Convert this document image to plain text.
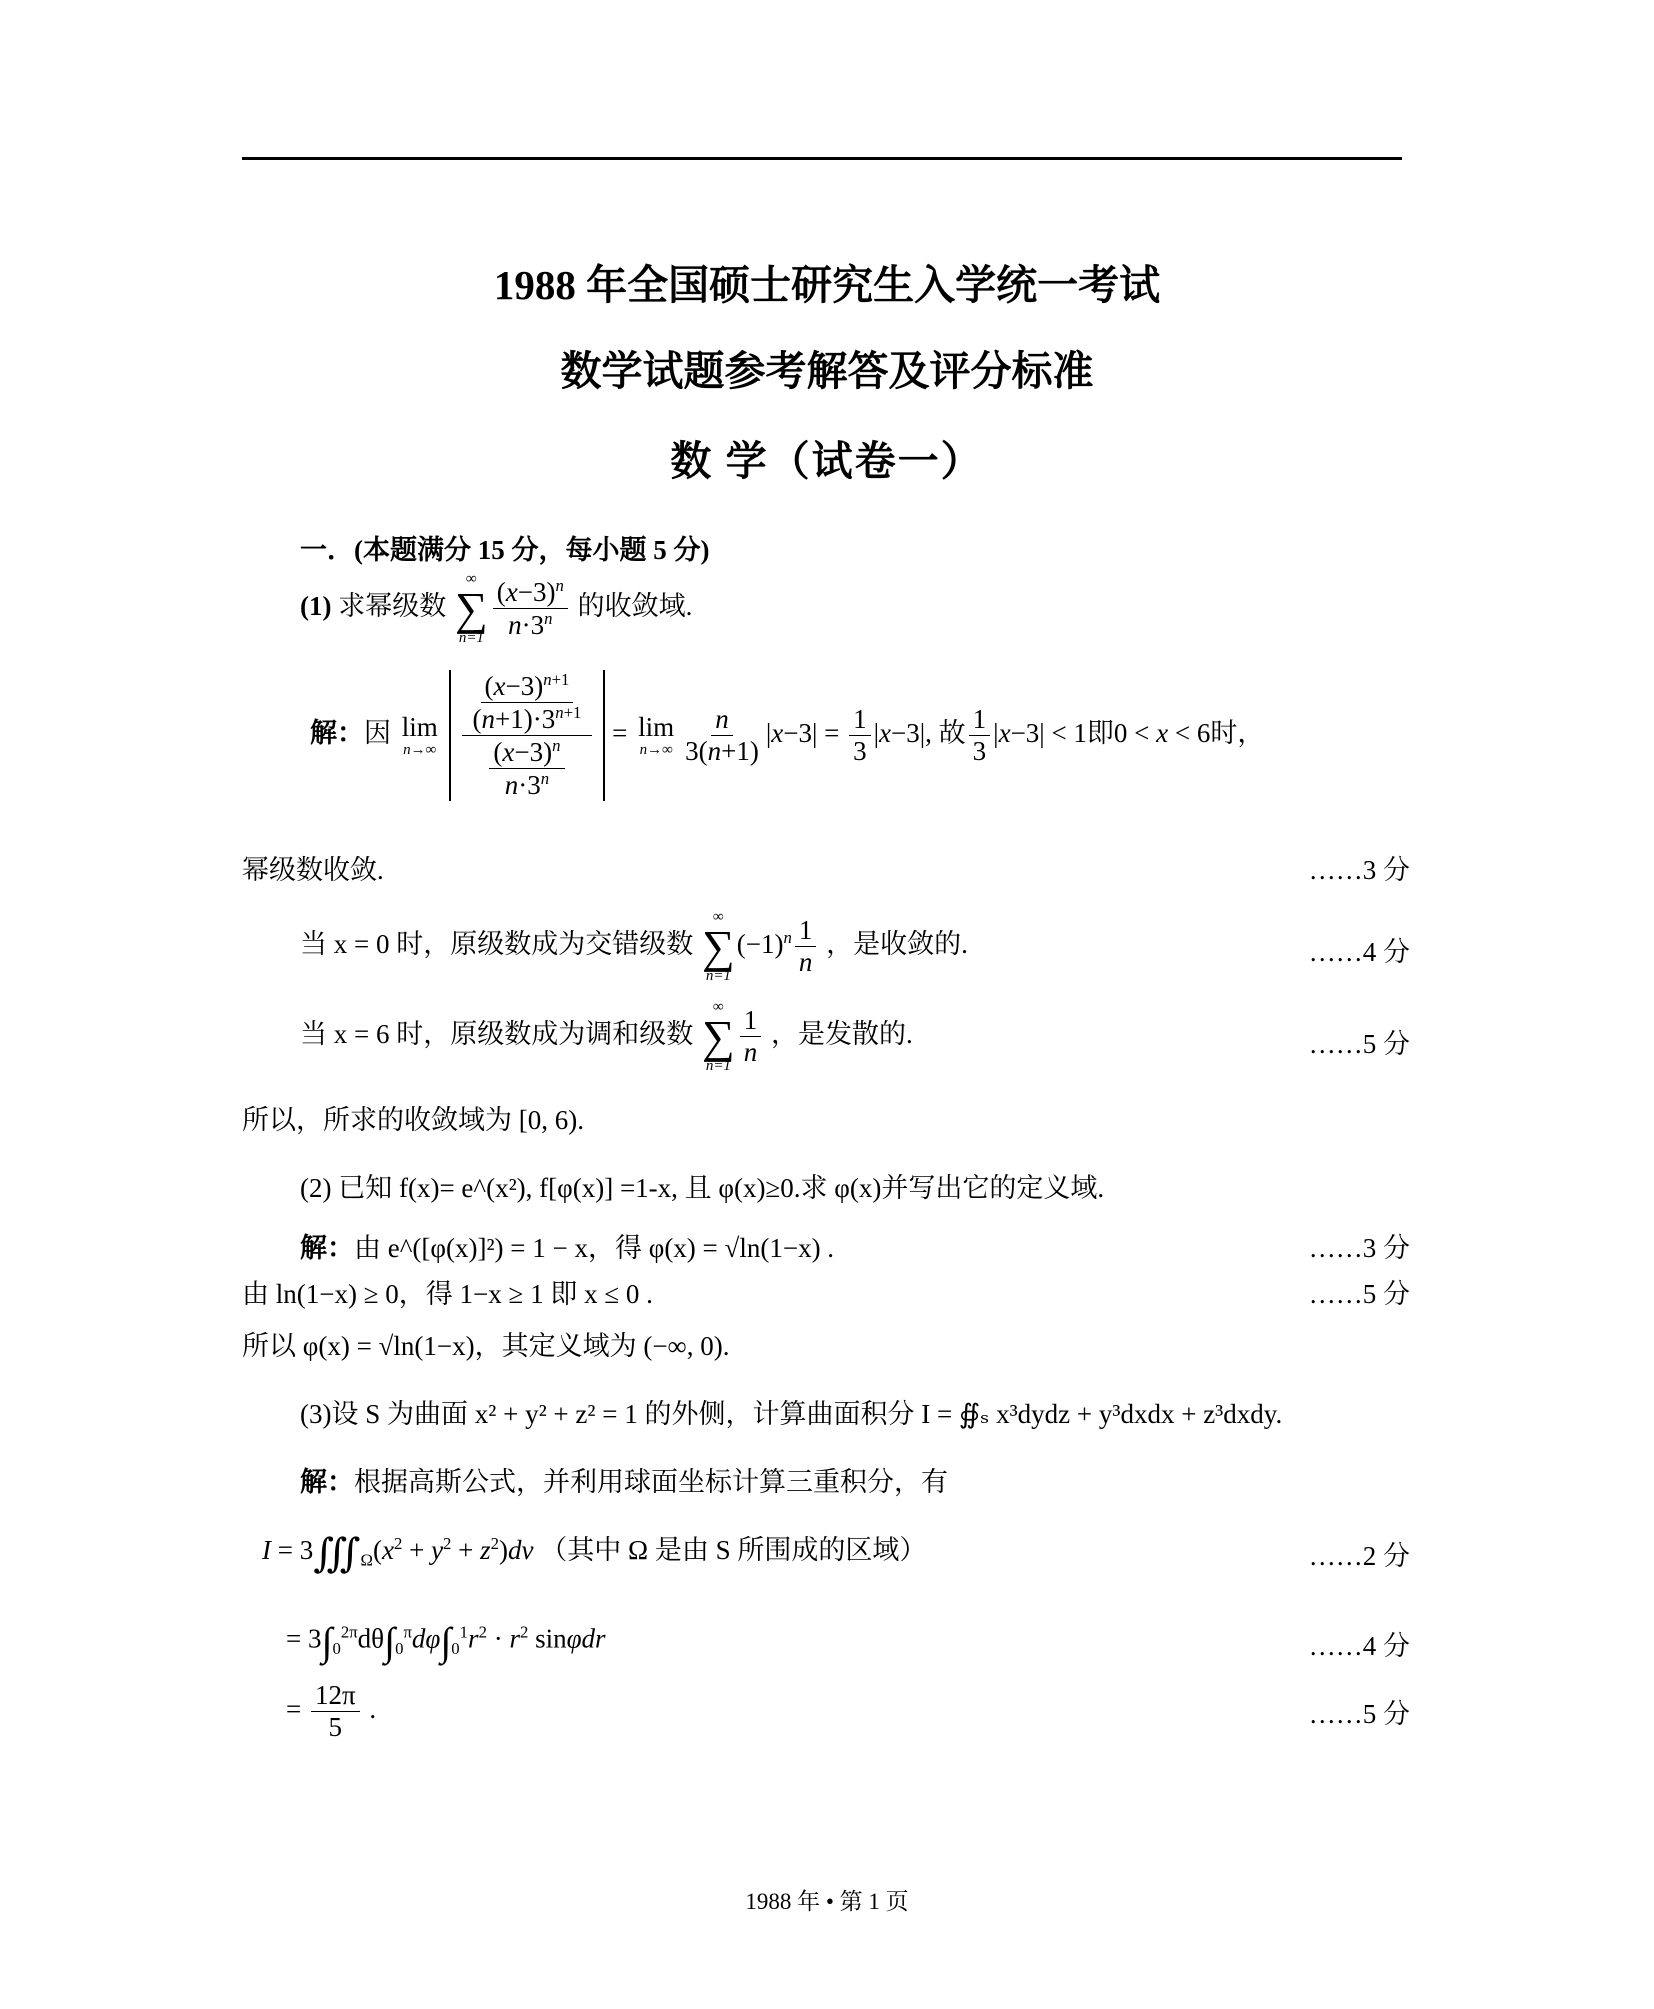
1988 年全国硕士研究生入学统一考试
数学试题参考解答及评分标准
数 学（试卷一）
一．(本题满分 15 分，每小题 5 分)
(1) 求幂级数
∞
∑
$n=1 \frac{(x-3)^n}{n\cdot 3^n}$ 的收敛域.
解：因 lim
n→∞
$\frac{\frac{(x-3)^{n+1}}{(n+1)\cdot 3^{n+1}}}{\frac{(x-3)^n}{n\cdot 3^n}} = \lim$
$n\to\infty \frac{n}{3(n+1)} |x-3| = \frac{1}{3} |x-3|$, 故 $\frac{1}{3} |x-3| < 1$即0 < x < 6时，
幂级数收敛.	……3 分
当 x = 0 时，原级数成为交错级数
∞
∑
n=1
$(-1)^n \frac{1}{n}$ ，是收敛的.	……4 分
当 x = 6 时，原级数成为调和级数
∞
∑
$n=1 \frac{1}{n}$ ，是发散的.	……5 分
所以，所求的收敛域为 [0, 6).
(2) 已知 f(x)= e^(x²), f[φ(x)] =1-x, 且 φ(x)≥0.求 φ(x)并写出它的定义域.
解：由 e^([φ(x)]²) = 1 − x，得 φ(x) = √ln(1−x) .	……3 分
由 ln(1−x) ≥ 0，得 1−x ≥ 1 即 x ≤ 0 .	……5 分
所以 φ(x) = √ln(1−x)，其定义域为 (−∞, 0).
(3)设 S 为曲面 x² + y² + z² = 1 的外侧，计算曲面积分 I = ∯ₛ x³dydz + y³dxdx + z³dxdy.
解：根据高斯公式，并利用球面坐标计算三重积分，有
$I = 3∭_\Omega(x^2 + y^2 + z^2)dv$ （其中 Ω 是由 S 所围成的区域）	……2 分
= $3\int_0^{2\pi}d\theta\int_0^\pi d\varphi\int_0^1r^2 \cdot r^2$ sinφdr	……4 分
= $\frac{12\pi}{5}$ .	……5 分
1988 年 • 第 1 页
